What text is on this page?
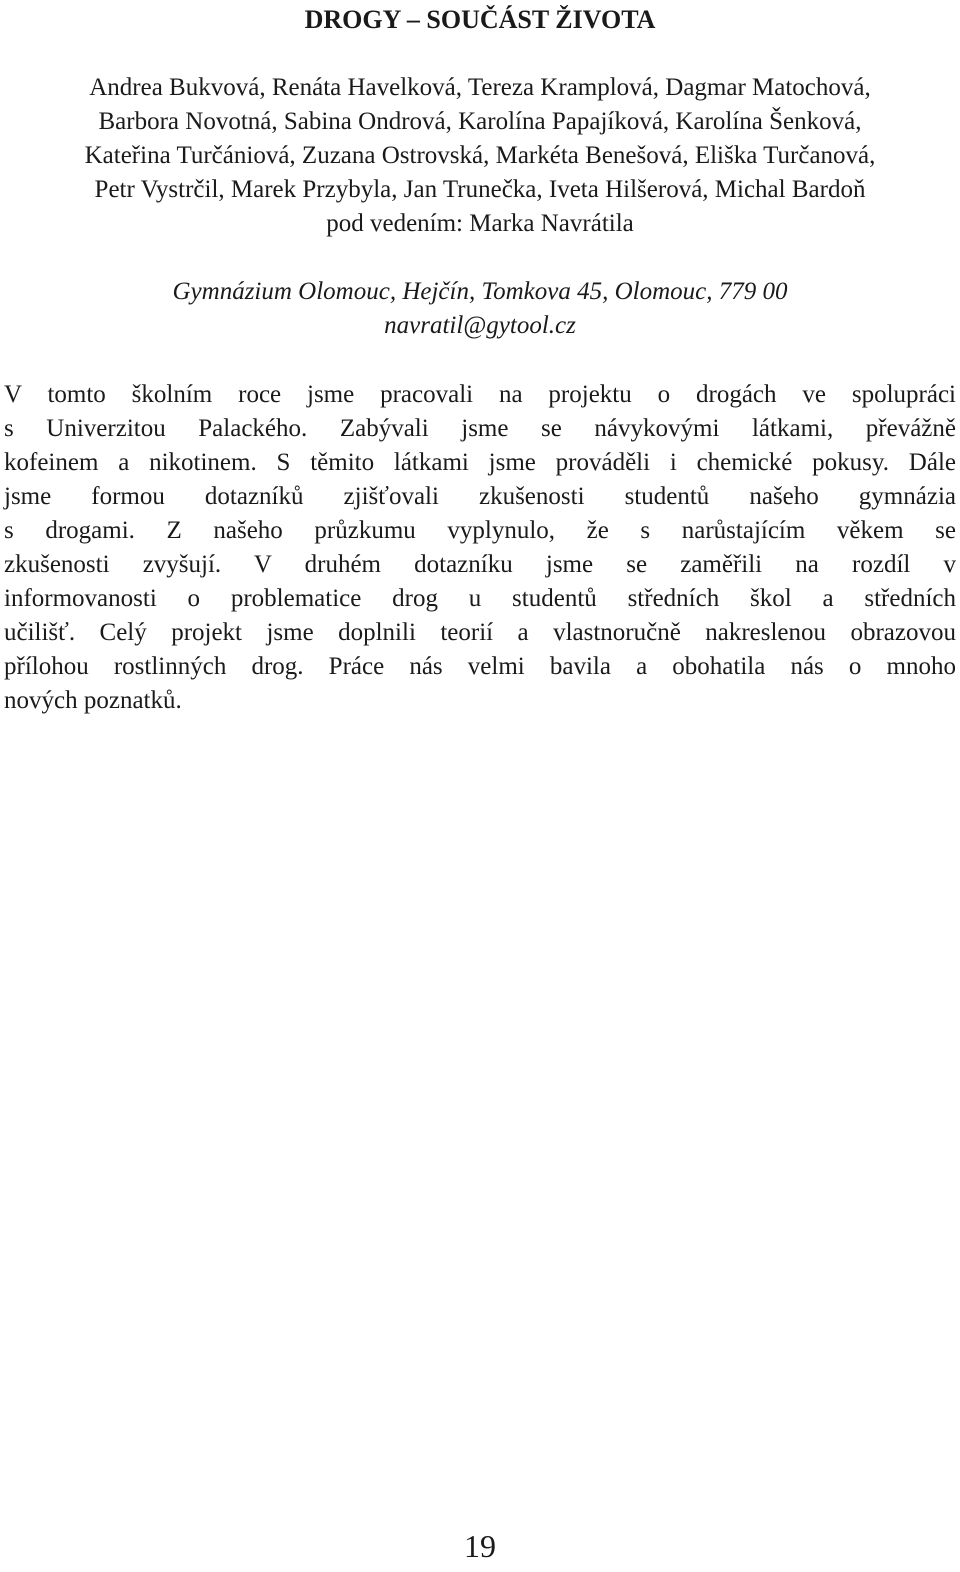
DROGY – SOUČÁST ŽIVOTA
Andrea Bukvová, Renáta Havelková, Tereza Kramplová, Dagmar Matochová,
Barbora Novotná, Sabina Ondrová, Karolína Papajíková, Karolína Šenková,
Kateřina Turčániová, Zuzana Ostrovská, Markéta Benešová, Eliška Turčanová,
Petr Vystrčil, Marek Przybyla, Jan Trunečka, Iveta Hilšerová, Michal Bardoň
pod vedením: Marka Navrátila
Gymnázium Olomouc, Hejčín, Tomkova 45, Olomouc, 779 00
navratil@gytool.cz

V tomto školním roce jsme pracovali na projektu o drogách ve spolupráci
s Univerzitou Palackého. Zabývali jsme se návykovými látkami, převážně
kofeinem a nikotinem. S těmito látkami jsme prováděli i chemické pokusy. Dále
jsme formou dotazníků zjišťovali zkušenosti studentů našeho gymnázia
s drogami. Z našeho průzkumu vyplynulo, že s narůstajícím věkem se
zkušenosti zvyšují. V druhém dotazníku jsme se zaměřili na rozdíl v
informovanosti o problematice drog u studentů středních škol a středních
učilišť. Celý projekt jsme doplnili teorií a vlastnoručně nakreslenou obrazovou
přílohou rostlinných drog. Práce nás velmi bavila a obohatila nás o mnoho
nových poznatků.

19
